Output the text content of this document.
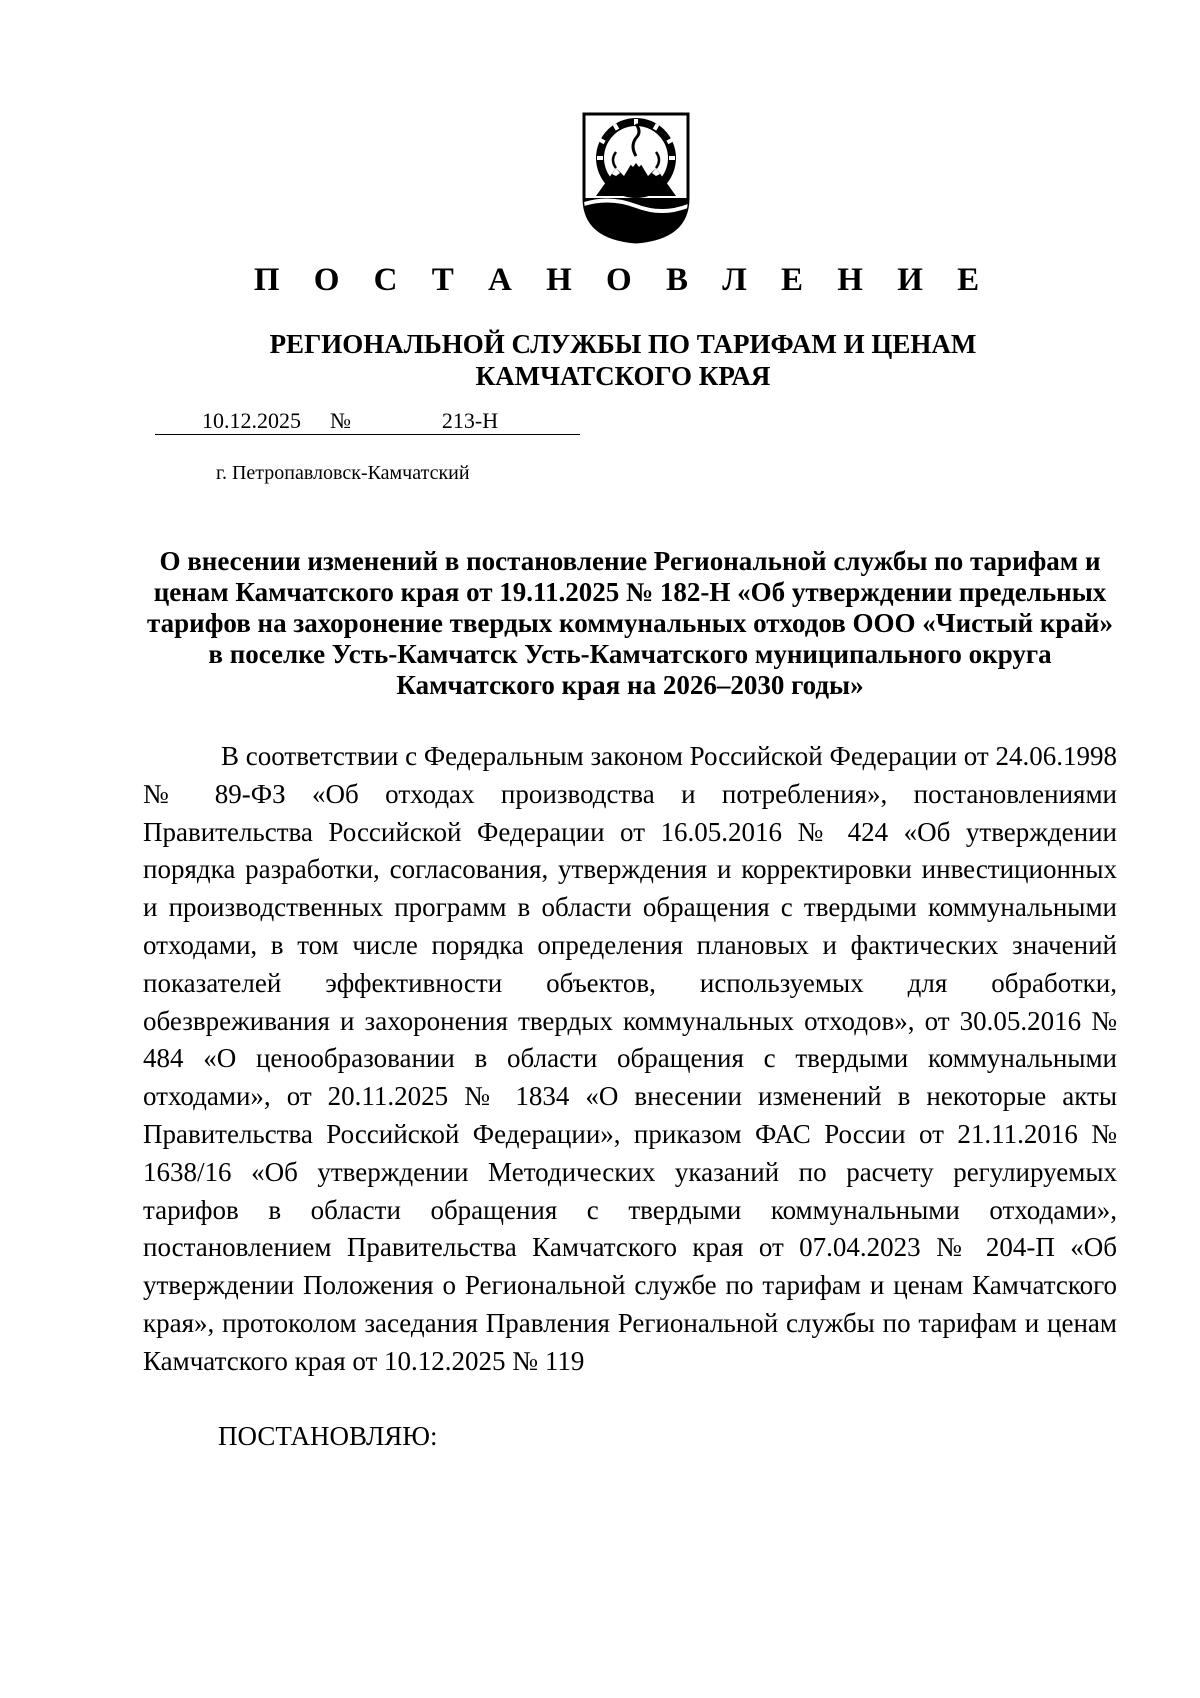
П О С Т А Н О В Л Е Н И Е
РЕГИОНАЛЬНОЙ СЛУЖБЫ ПО ТАРИФАМ И ЦЕНАМ
КАМЧАТСКОГО КРАЯ
10.12.2025	№	213-Н
г. Петропавловск-Камчатский
О внесении изменений в постановление Региональной службы по тарифам и ценам Камчатского края от 19.11.2025 № 182-Н «Об утверждении предельных тарифов на захоронение твердых коммунальных отходов ООО «Чистый край» в поселке Усть-Камчатск Усть-Камчатского муниципального округа Камчатского края на 2026–2030 годы»

В соответствии с Федеральным законом Российской Федерации от 24.06.1998 № 89-ФЗ «Об отходах производства и потребления», постановлениями Правительства Российской Федерации от 16.05.2016 № 424 «Об утверждении порядка разработки, согласования, утверждения и корректировки инвестиционных и производственных программ в области обращения с твердыми коммунальными отходами, в том числе порядка определения плановых и фактических значений показателей эффективности объектов, используемых для обработки, обезвреживания и захоронения твердых коммунальных отходов», от 30.05.2016 № 484 «О ценообразовании в области обращения с твердыми коммунальными отходами», от 20.11.2025 № 1834 «О внесении изменений в некоторые акты Правительства Российской Федерации», приказом ФАС России от 21.11.2016 № 1638/16 «Об утверждении Методических указаний по расчету регулируемых тарифов в области обращения с твердыми коммунальными отходами», постановлением Правительства Камчатского края от 07.04.2023 № 204-П «Об утверждении Положения о Региональной службе по тарифам и ценам Камчатского края», протоколом заседания Правления Региональной службы по тарифам и ценам Камчатского края от 10.12.2025 № 119

ПОСТАНОВЛЯЮ:
